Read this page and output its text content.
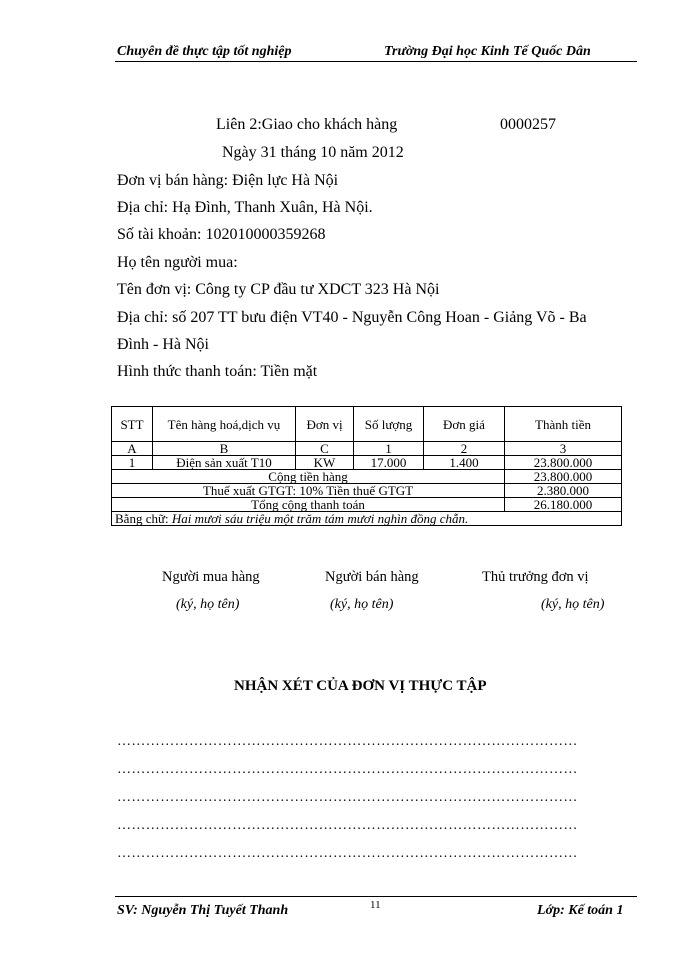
Chuyên đề thực tập tốt nghiệp	Trường Đại học Kinh Tế Quốc Dân
Liên 2:Giao cho khách hàng	0000257
Ngày 31 tháng 10 năm 2012
Đơn vị bán hàng: Điện lực Hà Nội
Địa chỉ: Hạ Đình, Thanh Xuân, Hà Nội.
Số tài khoản: 102010000359268
Họ tên người mua:
Tên đơn vị: Công ty CP đầu tư XDCT 323 Hà Nội
Địa chỉ: số 207 TT bưu điện VT40 - Nguyễn Công Hoan - Giảng Võ - Ba
Đình - Hà Nội
Hình thức thanh toán: Tiền mặt
STT	Tên hàng hoá,dịch vụ	Đơn vị	Số lượng	Đơn giá	Thành tiền
A	B	C	1	2	3
1	Điện sản xuất T10	KW	17.000	1.400	23.800.000
Cộng tiền hàng					23.800.000
Thuế xuất GTGT: 10% Tiền thuế GTGT					2.380.000
Tổng cộng thanh toán					26.180.000
Bằng chữ: Hai mươi sáu triệu một trăm tám mươi nghìn đồng chẵn.					
Người mua hàng	Người bán hàng	Thủ trưởng đơn vị
(ký, họ tên)	(ký, họ tên)	(ký, họ tên)
NHẬN XÉT CỦA ĐƠN VỊ THỰC TẬP
……………………………………………………………………………………
……………………………………………………………………………………
……………………………………………………………………………………
……………………………………………………………………………………
……………………………………………………………………………………
SV: Nguyễn Thị Tuyết Thanh	11	Lớp: Kế toán 1
